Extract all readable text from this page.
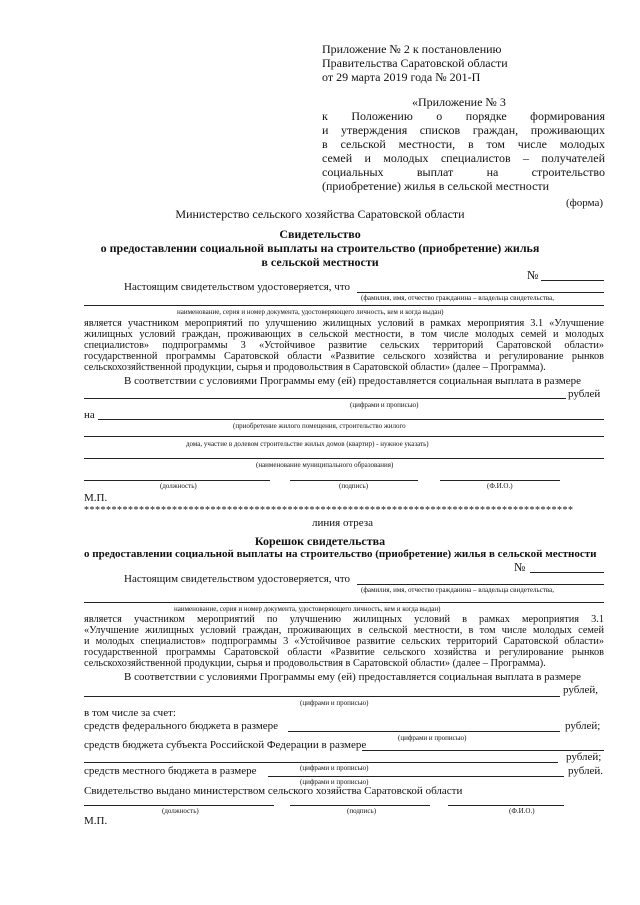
Приложение № 2 к постановлению
Правительства Саратовской области
от 29 марта 2019 года № 201-П
«Приложение № 3
к Положению о порядке формирования
и утверждения списков граждан, проживающих
в сельской местности, в том числе молодых
семей и молодых специалистов – получателей
социальных выплат на строительство
(приобретение) жилья в сельской местности
(форма)
Министерство сельского хозяйства Саратовской области
Свидетельство
о предоставлении социальной выплаты на строительство (приобретение) жилья
в сельской местности
№
Настоящим свидетельством удостоверяется, что
(фамилия, имя, отчество гражданина – владельца свидетельства,
наименование, серия и номер документа, удостоверяющего личность, кем и когда выдан)
является участником мероприятий по улучшению жилищных условий в рамках мероприятия 3.1 «Улучшение
жилищных условий граждан, проживающих в сельской местности, в том числе молодых семей и молодых
специалистов» подпрограммы 3 «Устойчивое развитие сельских территорий Саратовской области»
государственной программы Саратовской области «Развитие сельского хозяйства и регулирование рынков
сельскохозяйственной продукции, сырья и продовольствия в Саратовской области» (далее – Программа).
В соответствии с условиями Программы ему (ей) предоставляется социальная выплата в размере
рублей
(цифрами и прописью)
на
(приобретение жилого помещения, строительство жилого
дома, участие в долевом строительстве жилых домов (квартир) - нужное указать)
(наименование муниципального образования)
(должность)	(подпись)	(Ф.И.О.)
М.П.
*****************************************************************************************
линия отреза
Корешок свидетельства
о предоставлении социальной выплаты на строительство (приобретение) жилья в сельской местности
№
Настоящим свидетельством удостоверяется, что
(фамилия, имя, отчество гражданина – владельца свидетельства,
наименование, серия и номер документа, удостоверяющего личность, кем и когда выдан)
является участником мероприятий по улучшению жилищных условий в рамках мероприятия 3.1
«Улучшение жилищных условий граждан, проживающих в сельской местности, в том числе молодых семей
и молодых специалистов» подпрограммы 3 «Устойчивое развитие сельских территорий Саратовской области»
государственной программы Саратовской области «Развитие сельского хозяйства и регулирование рынков
сельскохозяйственной продукции, сырья и продовольствия в Саратовской области» (далее – Программа).
В соответствии с условиями Программы ему (ей) предоставляется социальная выплата в размере
рублей,
(цифрами и прописью)
в том числе за счет:
средств федерального бюджета в размере	рублей;
(цифрами и прописью)
средств бюджета субъекта Российской Федерации в размере
рублей;
(цифрами и прописью)
средств местного бюджета в размере	рублей.
(цифрами и прописью)
Свидетельство выдано министерством сельского хозяйства Саратовской области
(должность)	(подпись)	(Ф.И.О.)
М.П.
